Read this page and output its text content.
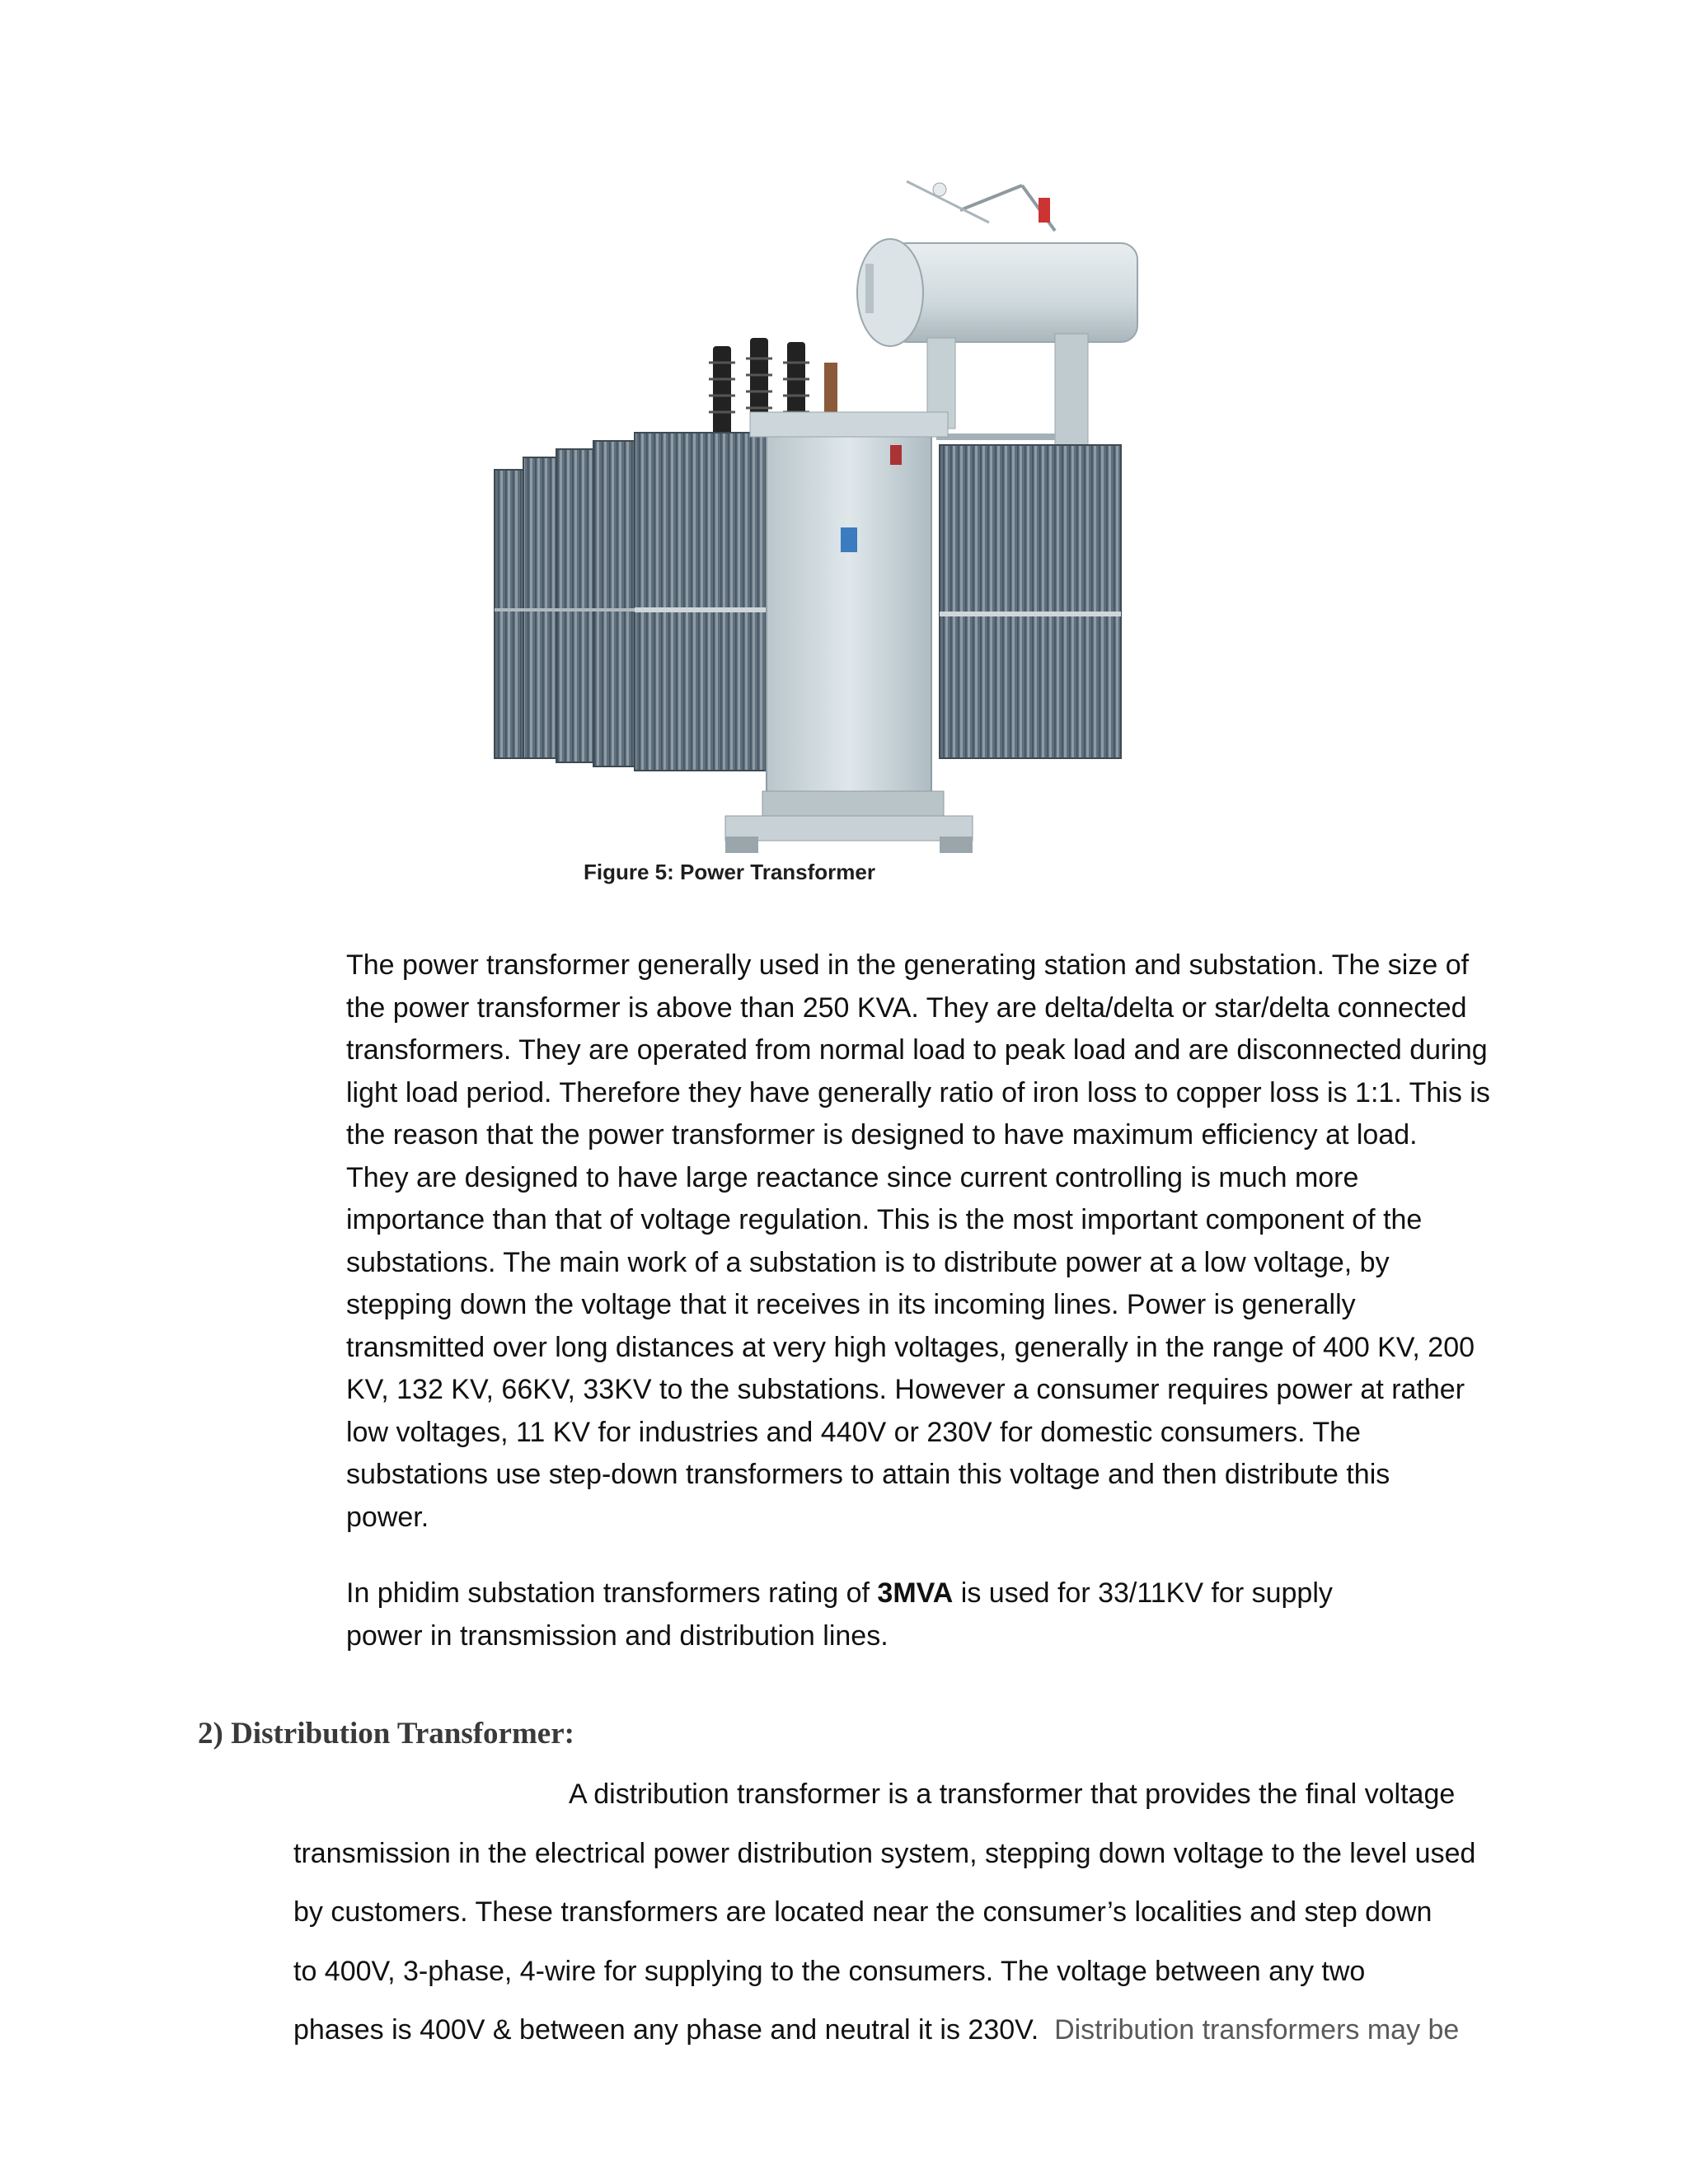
Figure 5: Power Transformer
The power transformer generally used in the generating station and substation. The size of
the power transformer is above than 250 KVA. They are delta/delta or star/delta connected
transformers. They are operated from normal load to peak load and are disconnected during
light load period. Therefore they have generally ratio of iron loss to copper loss is 1:1. This is
the reason that the power transformer is designed to have maximum efficiency at load.
They are designed to have large reactance since current controlling is much more
importance than that of voltage regulation. This is the most important component of the
substations. The main work of a substation is to distribute power at a low voltage, by
stepping down the voltage that it receives in its incoming lines. Power is generally
transmitted over long distances at very high voltages, generally in the range of 400 KV, 200
KV, 132 KV, 66KV, 33KV to the substations. However a consumer requires power at rather
low voltages, 11 KV for industries and 440V or 230V for domestic consumers. The
substations use step-down transformers to attain this voltage and then distribute this
power.
In phidim substation transformers rating of 3MVA is used for 33/11KV for supply
power in transmission and distribution lines.
2) Distribution Transformer:
A distribution transformer is a transformer that provides the final voltage
transmission in the electrical power distribution system, stepping down voltage to the level used
by customers. These transformers are located near the consumer’s localities and step down
to 400V, 3-phase, 4-wire for supplying to the consumers. The voltage between any two
phases is 400V & between any phase and neutral it is 230V. Distribution transformers may be
